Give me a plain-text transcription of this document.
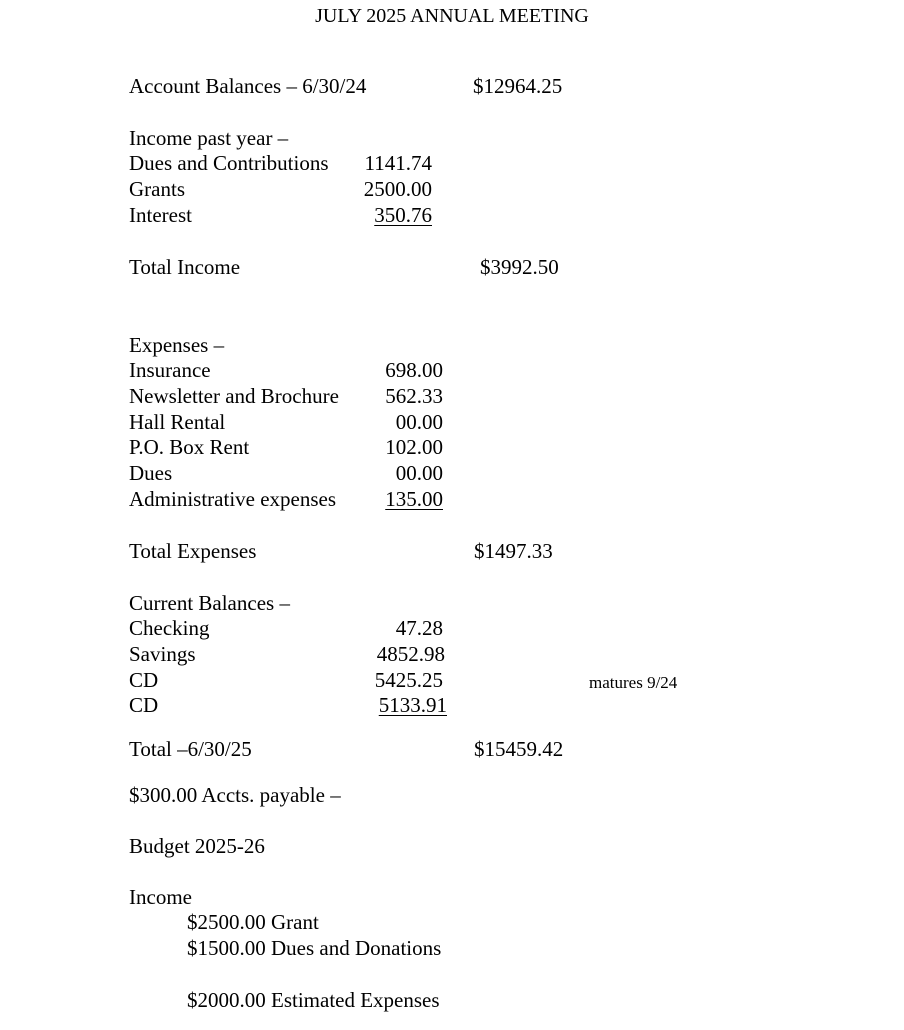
JULY 2025 ANNUAL MEETING
Account Balances – 6/30/24	$12964.25
Income past year –
Dues and Contributions	1141.74
Grants	2500.00
Interest	350.76
Total Income	$3992.50
Expenses –
Insurance	698.00
Newsletter and Brochure	562.33
Hall Rental	00.00
P.O. Box Rent	102.00
Dues	00.00
Administrative expenses	135.00
Total Expenses	$1497.33
Current Balances –
Checking	47.28
Savings	4852.98
CD	5425.25	matures 9/24
CD	5133.91
Total –6/30/25	$15459.42
$300.00 Accts. payable –
Budget 2025-26
Income
$2500.00 Grant
$1500.00 Dues and Donations
$2000.00 Estimated Expenses
